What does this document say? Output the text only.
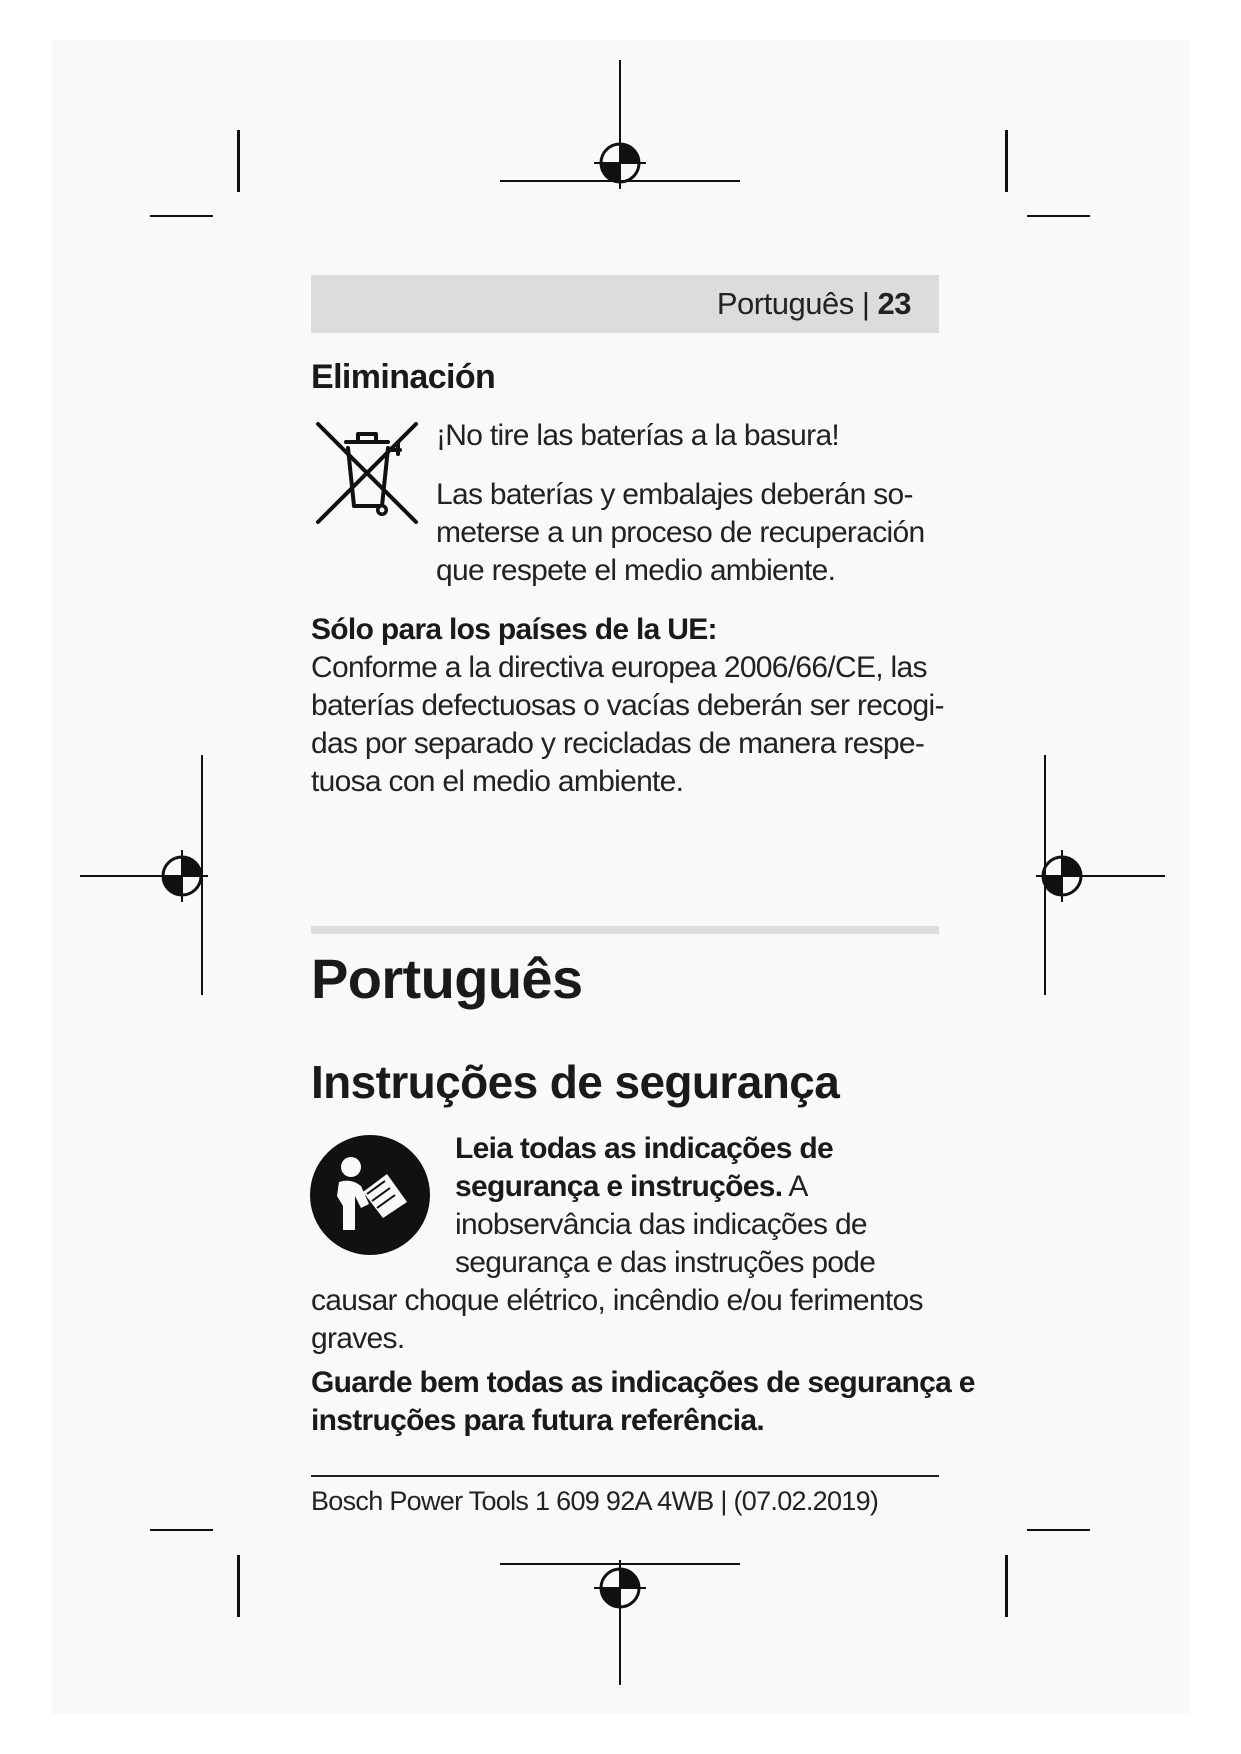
Português | 23
Eliminación
¡No tire las baterías a la basura!
Las baterías y embalajes deberán so-
meterse a un proceso de recuperación
que respete el medio ambiente.
Sólo para los países de la UE:
Conforme a la directiva europea 2006/66/CE, las
baterías defectuosas o vacías deberán ser recogi-
das por separado y recicladas de manera respe-
tuosa con el medio ambiente.
Português
Instruções de segurança
Leia todas as indicações de
segurança e instruções. A
inobservância das indicações de
segurança e das instruções pode
causar choque elétrico, incêndio e/ou ferimentos
graves.
Guarde bem todas as indicações de segurança e
instruções para futura referência.
Bosch Power Tools 1 609 92A 4WB | (07.02.2019)
